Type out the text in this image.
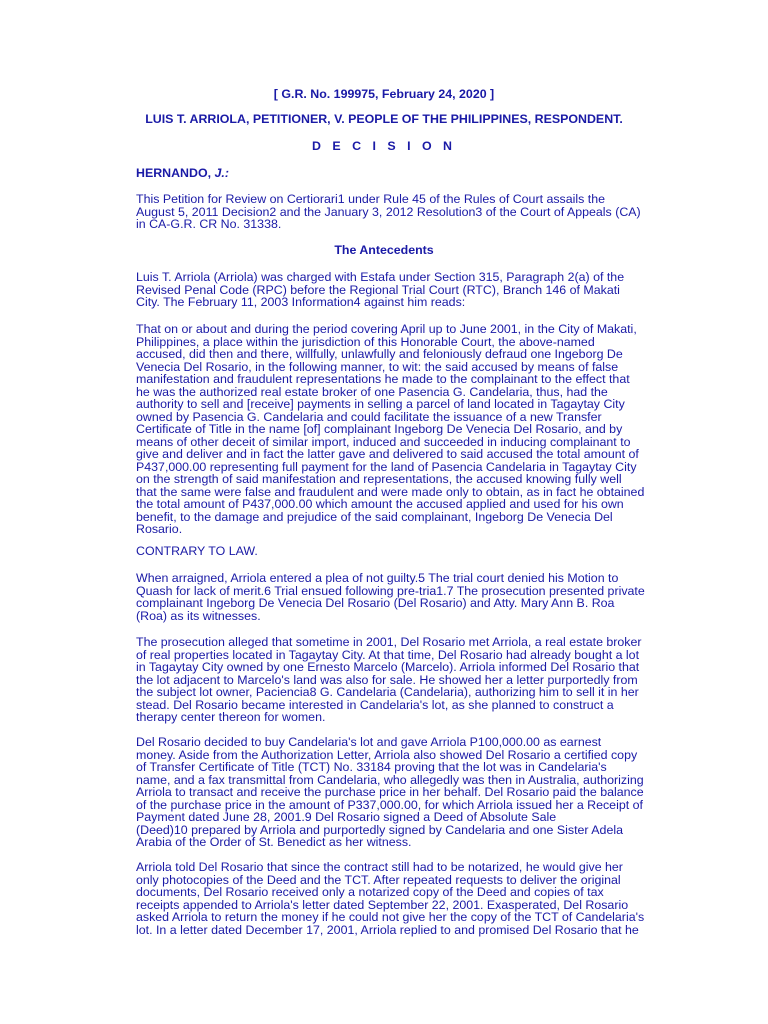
[ G.R. No. 199975, February 24, 2020 ]
LUIS T. ARRIOLA, PETITIONER, V. PEOPLE OF THE PHILIPPINES, RESPONDENT.
D E C I S I O N
HERNANDO, J.:
This Petition for Review on Certiorari1 under Rule 45 of the Rules of Court assails the
August 5, 2011 Decision2 and the January 3, 2012 Resolution3 of the Court of Appeals (CA)
in CA-G.R. CR No. 31338.
The Antecedents
Luis T. Arriola (Arriola) was charged with Estafa under Section 315, Paragraph 2(a) of the
Revised Penal Code (RPC) before the Regional Trial Court (RTC), Branch 146 of Makati
City. The February 11, 2003 Information4 against him reads:
That on or about and during the period covering April up to June 2001, in the City of Makati,
Philippines, a place within the jurisdiction of this Honorable Court, the above-named
accused, did then and there, willfully, unlawfully and feloniously defraud one Ingeborg De
Venecia Del Rosario, in the following manner, to wit: the said accused by means of false
manifestation and fraudulent representations he made to the complainant to the effect that
he was the authorized real estate broker of one Pasencia G. Candelaria, thus, had the
authority to sell and [receive] payments in selling a parcel of land located in Tagaytay City
owned by Pasencia G. Candelaria and could facilitate the issuance of a new Transfer
Certificate of Title in the name [of] complainant Ingeborg De Venecia Del Rosario, and by
means of other deceit of similar import, induced and succeeded in inducing complainant to
give and deliver and in fact the latter gave and delivered to said accused the total amount of
P437,000.00 representing full payment for the land of Pasencia Candelaria in Tagaytay City
on the strength of said manifestation and representations, the accused knowing fully well
that the same were false and fraudulent and were made only to obtain, as in fact he obtained
the total amount of P437,000.00 which amount the accused applied and used for his own
benefit, to the damage and prejudice of the said complainant, Ingeborg De Venecia Del
Rosario.
CONTRARY TO LAW.
When arraigned, Arriola entered a plea of not guilty.5 The trial court denied his Motion to
Quash for lack of merit.6 Trial ensued following pre-tria1.7 The prosecution presented private
complainant Ingeborg De Venecia Del Rosario (Del Rosario) and Atty. Mary Ann B. Roa
(Roa) as its witnesses.
The prosecution alleged that sometime in 2001, Del Rosario met Arriola, a real estate broker
of real properties located in Tagaytay City. At that time, Del Rosario had already bought a lot
in Tagaytay City owned by one Ernesto Marcelo (Marcelo). Arriola informed Del Rosario that
the lot adjacent to Marcelo's land was also for sale. He showed her a letter purportedly from
the subject lot owner, Paciencia8 G. Candelaria (Candelaria), authorizing him to sell it in her
stead. Del Rosario became interested in Candelaria's lot, as she planned to construct a
therapy center thereon for women.
Del Rosario decided to buy Candelaria's lot and gave Arriola P100,000.00 as earnest
money. Aside from the Authorization Letter, Arriola also showed Del Rosario a certified copy
of Transfer Certificate of Title (TCT) No. 33184 proving that the lot was in Candelaria's
name, and a fax transmittal from Candelaria, who allegedly was then in Australia, authorizing
Arriola to transact and receive the purchase price in her behalf. Del Rosario paid the balance
of the purchase price in the amount of P337,000.00, for which Arriola issued her a Receipt of
Payment dated June 28, 2001.9 Del Rosario signed a Deed of Absolute Sale
(Deed)10 prepared by Arriola and purportedly signed by Candelaria and one Sister Adela
Arabia of the Order of St. Benedict as her witness.
Arriola told Del Rosario that since the contract still had to be notarized, he would give her
only photocopies of the Deed and the TCT. After repeated requests to deliver the original
documents, Del Rosario received only a notarized copy of the Deed and copies of tax
receipts appended to Arriola's letter dated September 22, 2001. Exasperated, Del Rosario
asked Arriola to return the money if he could not give her the copy of the TCT of Candelaria's
lot. In a letter dated December 17, 2001, Arriola replied to and promised Del Rosario that he
